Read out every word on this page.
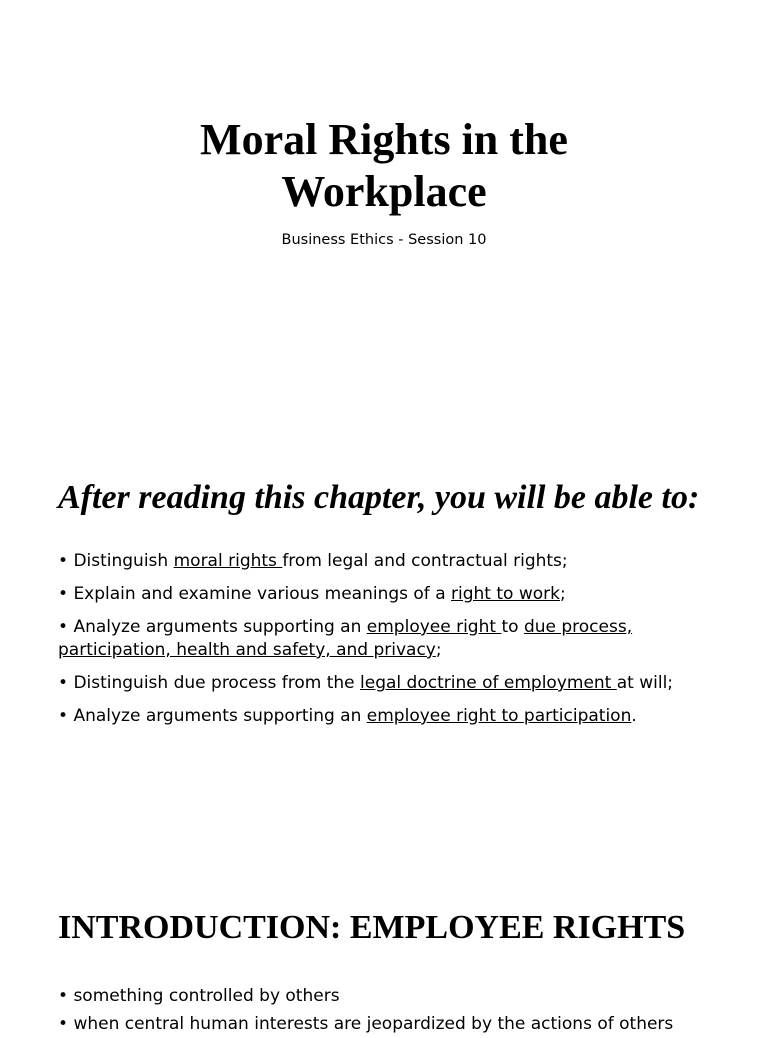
Moral Rights in the
Workplace

Business Ethics - Session 10

After reading this chapter, you will be able to:
• Distinguish moral rights from legal and contractual rights;
• Explain and examine various meanings of a right to work;
• Analyze arguments supporting an employee right to due process, participation, health and safety, and privacy;
• Distinguish due process from the legal doctrine of employment at will;
• Analyze arguments supporting an employee right to participation.
INTRODUCTION: EMPLOYEE RIGHTS
• something controlled by others
• when central human interests are jeopardized by the actions of others
